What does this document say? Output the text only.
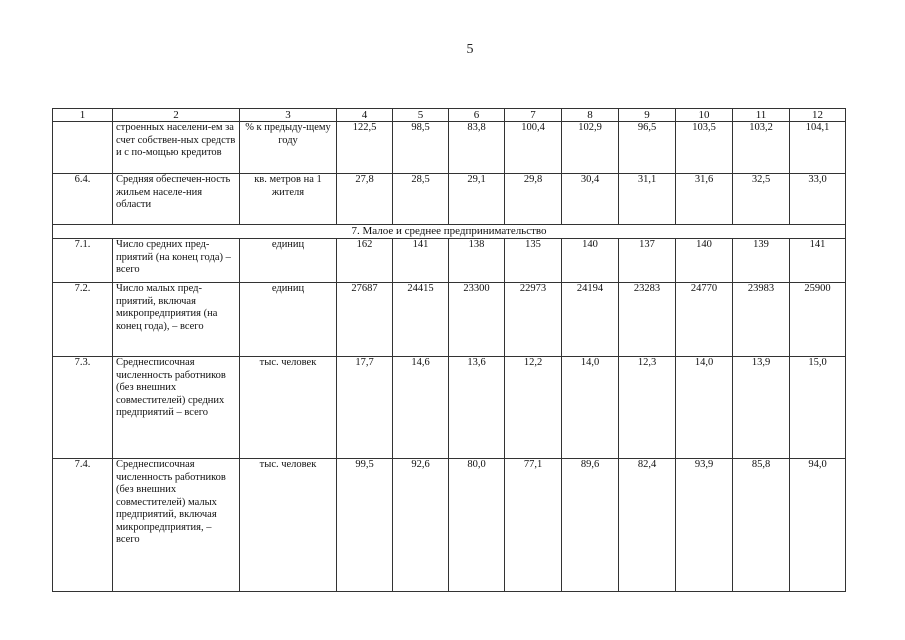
5
1	2	3	4	5	6	7	8	9	10	11	12
	строенных населени-ем за счет собствен-ных средств и с по-мощью кредитов	% к предыду-щему году	122,5	98,5	83,8	100,4	102,9	96,5	103,5	103,2	104,1
6.4.	Средняя обеспечен-ность жильем населе-ния области	кв. метров на 1 жителя	27,8	28,5	29,1	29,8	30,4	31,1	31,6	32,5	33,0
7. Малое и среднее предпринимательство											
7.1.	Число средних пред-приятий (на конец года) – всего	единиц	162	141	138	135	140	137	140	139	141
7.2.	Число малых пред-приятий, включая микропредприятия (на конец года), – всего	единиц	27687	24415	23300	22973	24194	23283	24770	23983	25900
7.3.	Среднесписочная численность работников (без внешних совместителей) средних предприятий – всего	тыс. человек	17,7	14,6	13,6	12,2	14,0	12,3	14,0	13,9	15,0
7.4.	Среднесписочная численность работников (без внешних совместителей) малых предприятий, включая микропредприятия, – всего	тыс. человек	99,5	92,6	80,0	77,1	89,6	82,4	93,9	85,8	94,0
